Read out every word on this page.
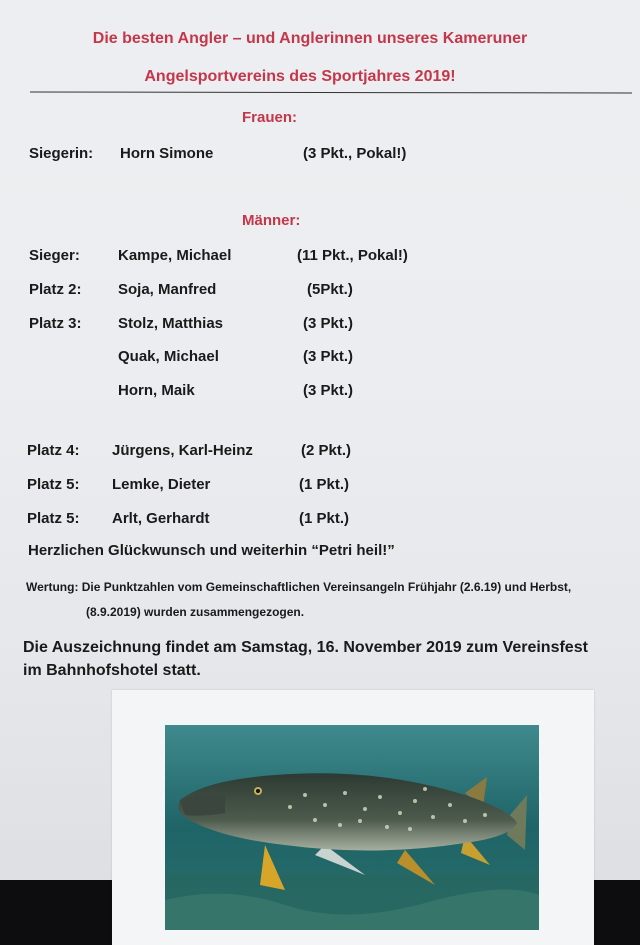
Die besten Angler – und Anglerinnen unseres Kameruner
Angelsportvereins des Sportjahres 2019!
Frauen:
Siegerin: Horn Simone	(3 Pkt., Pokal!)
Männer:
Sieger:	Kampe, Michael	(11 Pkt., Pokal!)
Platz 2: Soja, Manfred	(5Pkt.)
Platz 3: Stolz, Matthias	(3 Pkt.)
Quak, Michael	(3 Pkt.)
Horn, Maik	(3 Pkt.)
Platz 4: Jürgens, Karl-Heinz	(2 Pkt.)
Platz 5: Lemke, Dieter	(1 Pkt.)
Platz 5: Arlt, Gerhardt	(1 Pkt.)
Herzlichen Glückwunsch und weiterhin “Petri heil!”
Wertung: Die Punktzahlen vom Gemeinschaftlichen Vereinsangeln Frühjahr (2.6.19) und Herbst,
(8.9.2019) wurden zusammengezogen.
Die Auszeichnung findet am Samstag, 16. November 2019 zum Vereinsfest
im Bahnhofshotel statt.
